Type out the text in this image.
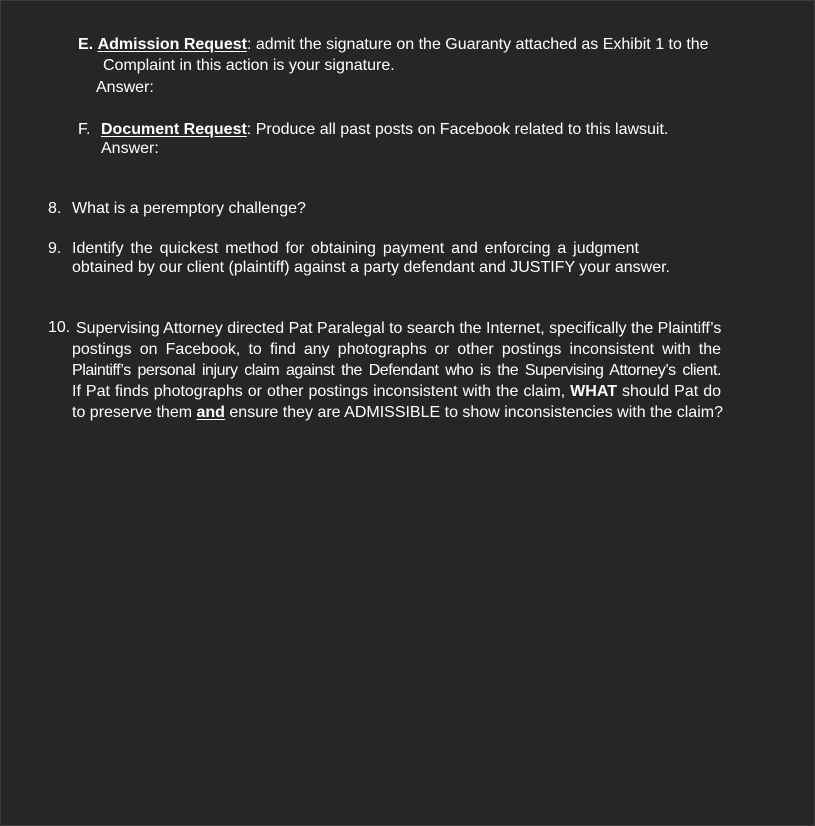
E. Admission Request: admit the signature on the Guaranty attached as Exhibit 1 to the
Complaint in this action is your signature.
Answer:
F. Document Request: Produce all past posts on Facebook related to this lawsuit.
Answer:
8. What is a peremptory challenge?
9. Identify the quickest method for obtaining payment and enforcing a judgment
obtained by our client (plaintiff) against a party defendant and JUSTIFY your answer.
10. Supervising Attorney directed Pat Paralegal to search the Internet, specifically the Plaintiff’s
postings on Facebook, to find any photographs or other postings inconsistent with the
Plaintiff’s personal injury claim against the Defendant who is the Supervising Attorney’s client.
If Pat finds photographs or other postings inconsistent with the claim, WHAT should Pat do
to preserve them and ensure they are ADMISSIBLE to show inconsistencies with the claim?
